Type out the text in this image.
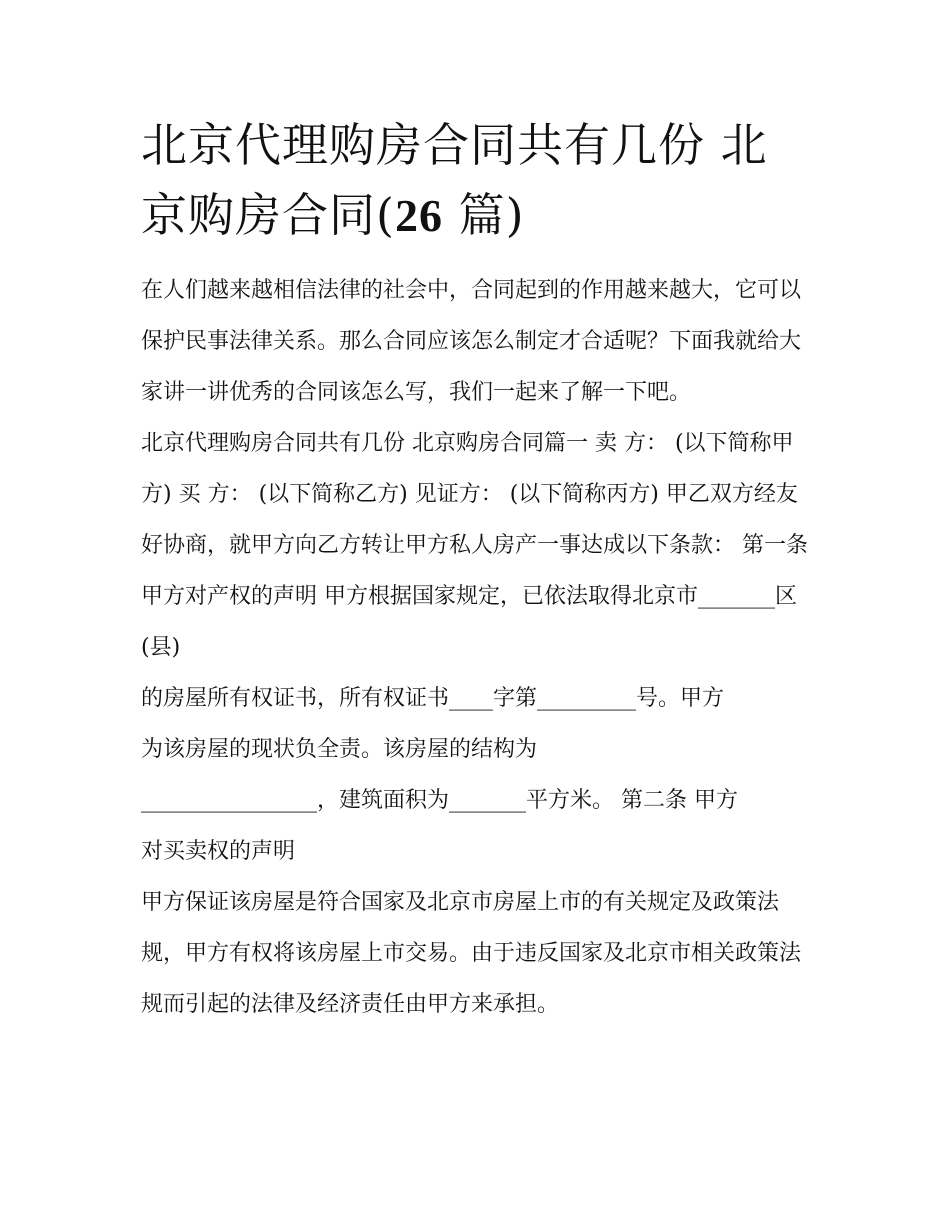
北京代理购房合同共有几份 北京购房合同(26 篇)

在人们越来越相信法律的社会中，合同起到的作用越来越大，它可以保护民事法律关系。那么合同应该怎么制定才合适呢？下面我就给大家讲一讲优秀的合同该怎么写，我们一起来了解一下吧。

北京代理购房合同共有几份 北京购房合同篇一 卖 方： (以下简称甲方) 买 方： (以下简称乙方) 见证方： (以下简称丙方) 甲乙双方经友好协商，就甲方向乙方转让甲方私人房产一事达成以下条款： 第一条 甲方对产权的声明 甲方根据国家规定，已依法取得北京市_______区(县)

的房屋所有权证书，所有权证书____字第_________号。甲方

为该房屋的现状负全责。该房屋的结构为

________________，建筑面积为_______平方米。 第二条 甲方

对买卖权的声明

甲方保证该房屋是符合国家及北京市房屋上市的有关规定及政策法规，甲方有权将该房屋上市交易。由于违反国家及北京市相关政策法规而引起的法律及经济责任由甲方来承担。
